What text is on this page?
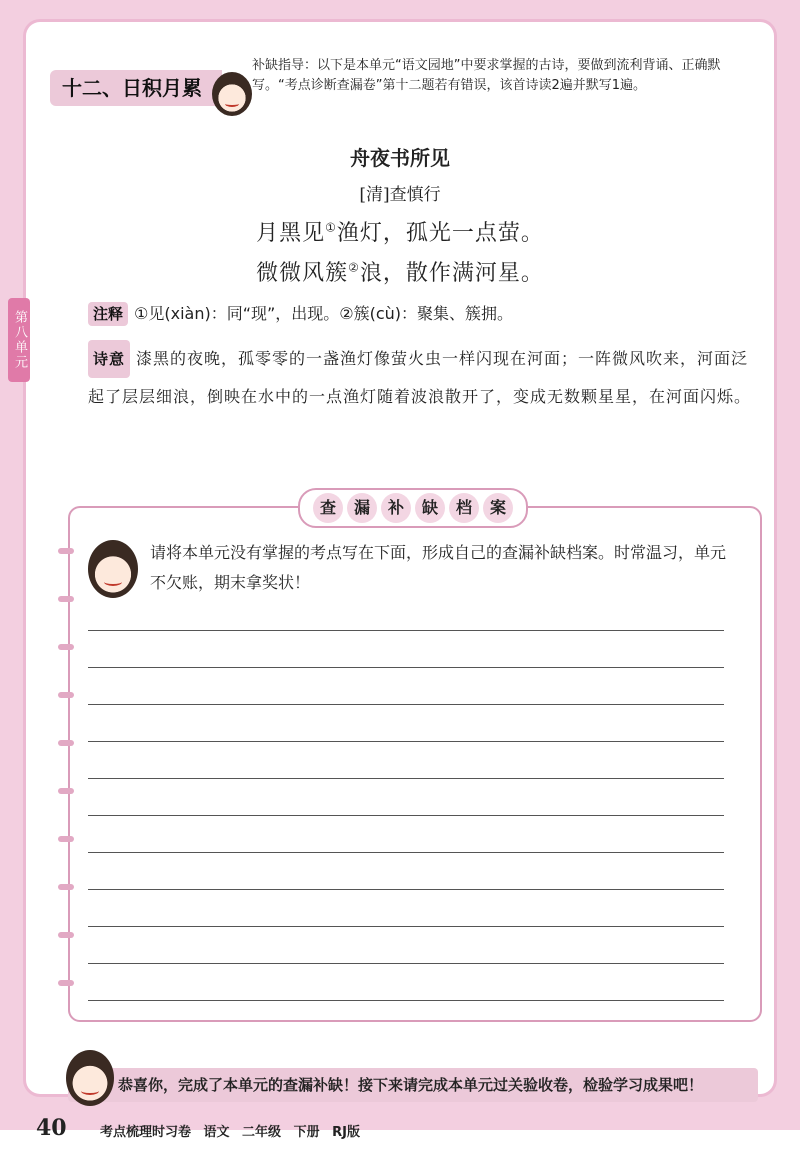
第八单元
十二、日积月累
补缺指导：以下是本单元“语文园地”中要求掌握的古诗，要做到流利背诵、正确默写。“考点诊断查漏卷”第十二题若有错误，该首诗读2遍并默写1遍。
舟夜书所见
[清]查慎行
月黑见①渔灯，孤光一点萤。
微微风簇②浪，散作满河星。
注释 ①见(xiàn)：同“现”，出现。②簇(cù)：聚集、簇拥。
诗意 漆黑的夜晚，孤零零的一盏渔灯像萤火虫一样闪现在河面；一阵微风吹来，河面泛起了层层细浪，倒映在水中的一点渔灯随着波浪散开了，变成无数颗星星，在河面闪烁。
查	漏	补	缺	档	案
请将本单元没有掌握的考点写在下面，形成自己的查漏补缺档案。时常温习，单元不欠账，期末拿奖状！
恭喜你，完成了本单元的查漏补缺！接下来请完成本单元过关验收卷，检验学习成果吧！
40	考点梳理时习卷 语文 二年级 下册 RJ版
